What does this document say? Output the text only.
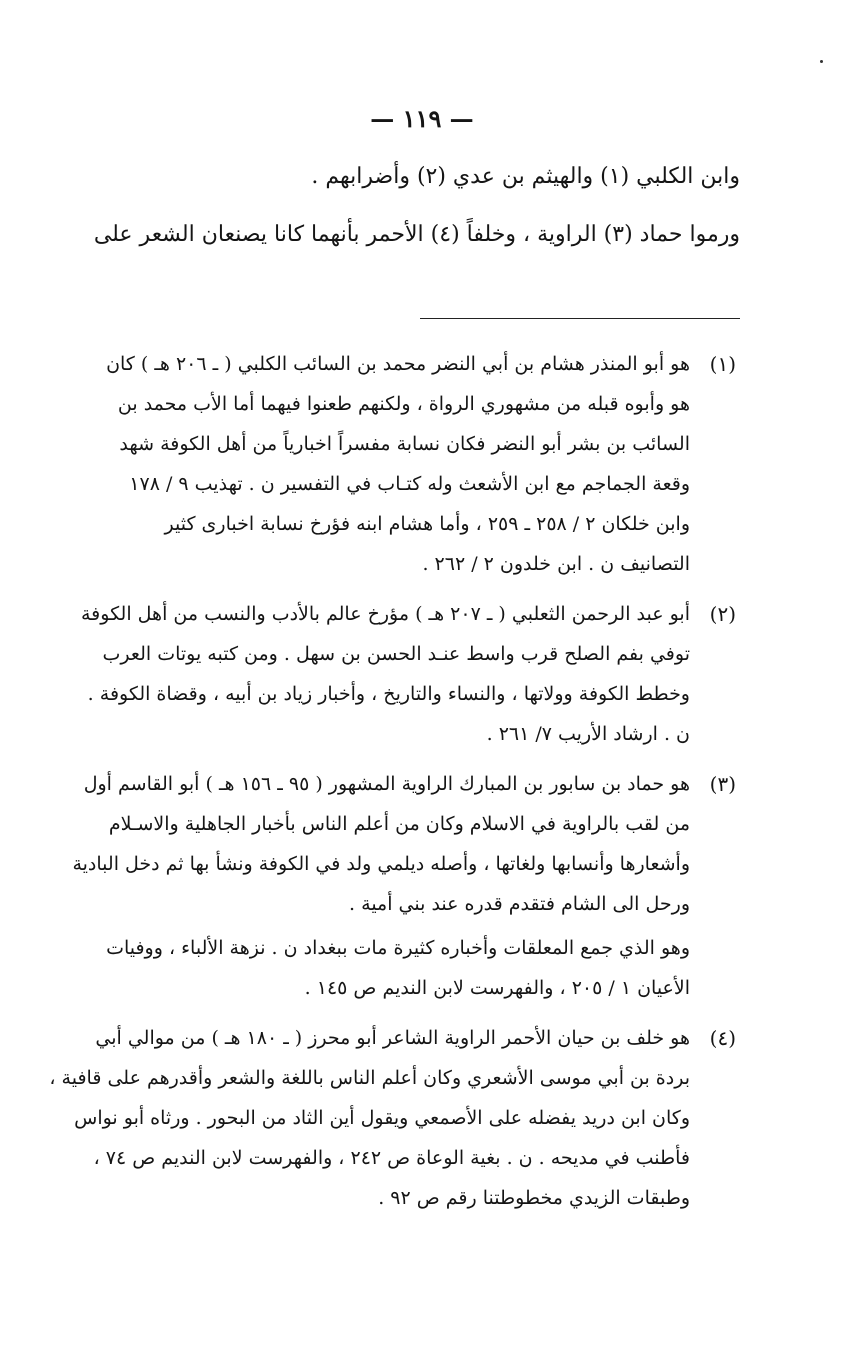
— ١١٩ —
وابن الكلبي (١) والهيثم بن عدي (٢) وأضرابهم .
ورموا حماد (٣) الراوية ، وخلفاً (٤) الأحمر بأنهما كانا يصنعان الشعر على
(١)
هو أبو المنذر هشام بن أبي النضر محمد بن السائب الكلبي ( ـ ٢٠٦ هـ ) كان
هو وأبوه قبله من مشهوري الرواة ، ولكنهم طعنوا فيهما أما الأب محمد بن
السائب بن بشر أبو النضر فكان نسابة مفسراً اخبارياً من أهل الكوفة شهد
وقعة الجماجم مع ابن الأشعث وله كتـاب في التفسير ن . تهذيب ٩ / ١٧٨
وابن خلكان ٢ / ٢٥٨ ـ ٢٥٩ ، وأما هشام ابنه فؤرخ نسابة اخبارى كثير
التصانيف ن . ابن خلدون ٢ / ٢٦٢ .
(٢)
أبو عبد الرحمن الثعلبي ( ـ ٢٠٧ هـ ) مؤرخ عالم بالأدب والنسب من أهل الكوفة
توفي بفم الصلح قرب واسط عنـد الحسن بن سهل . ومن كتبه يوتات العرب
وخطط الكوفة وولاتها ، والنساء والتاريخ ، وأخبار زياد بن أبيه ، وقضاة الكوفة .
ن . ارشاد الأريب ٧/ ٢٦١ .
(٣)
هو حماد بن سابور بن المبارك الراوية المشهور ( ٩٥ ـ ١٥٦ هـ ) أبو القاسم أول
من لقب بالراوية في الاسلام وكان من أعلم الناس بأخبار الجاهلية والاسـلام
وأشعارها وأنسابها ولغاتها ، وأصله ديلمي ولد في الكوفة ونشأ بها ثم دخل البادية
ورحل الى الشام فتقدم قدره عند بني أمية .
وهو الذي جمع المعلقات وأخباره كثيرة مات ببغداد ن . نزهة الألباء ، ووفيات
الأعيان ١ / ٢٠٥ ، والفهرست لابن النديم ص ١٤٥ .
(٤)
هو خلف بن حيان الأحمر الراوية الشاعر أبو محرز ( ـ ١٨٠ هـ ) من موالي أبي
بردة بن أبي موسى الأشعري وكان أعلم الناس باللغة والشعر وأقدرهم على قافية ،
وكان ابن دريد يفضله على الأصمعي ويقول أين الثاد من البحور . ورثاه أبو نواس
فأطنب في مديحه . ن . بغية الوعاة ص ٢٤٢ ، والفهرست لابن النديم ص ٧٤ ،
وطبقات الزيدي مخطوطتنا رقم ص ٩٢ .
